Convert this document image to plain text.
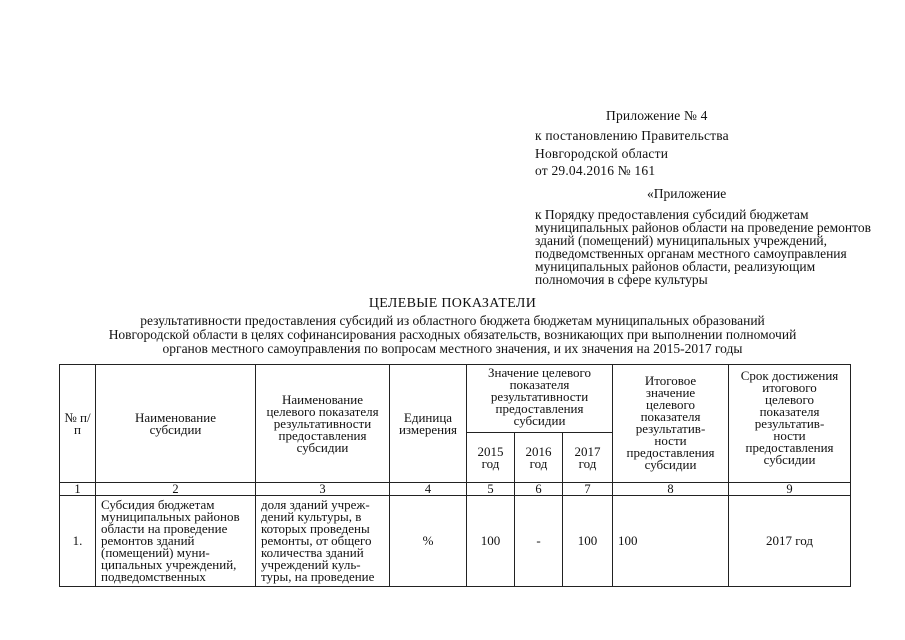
Приложение № 4
к постановлению Правительства
Новгородской области
от 29.04.2016 № 161
«Приложение
к Порядку предоставления субсидий бюджетам муниципальных районов области на проведение ремонтов зданий (помещений) муниципальных учреждений, подведомственных органам местного самоуправления муниципальных районов области, реализующим полномочия в сфере культуры
ЦЕЛЕВЫЕ ПОКАЗАТЕЛИ
результативности предоставления субсидий из областного бюджета бюджетам муниципальных образований
Новгородской области в целях софинансирования расходных обязательств, возникающих при выполнении полномочий
органов местного самоуправления по вопросам местного значения, и их значения на 2015-2017 годы
№ п/п	Наименование субсидии	Наименование целевого показателя результативности предоставления субсидии	Единица измерения	Значение целевого показателя результативности предоставления субсидии			Итоговое значение целевого показателя результатив-ности предоставления субсидии	Срок достижения итогового целевого показателя результатив-ности предоставления субсидии
				2015 год	2016 год	2017 год		
1	2	3	4	5	6	7	8	9
1.	Субсидия бюджетам муниципальных районов области на проведение ремонтов зданий (помещений) муни-ципальных учреждений, подведомственных	доля зданий учреж-дений культуры, в которых проведены ремонты, от общего количества зданий учреждений куль-туры, на проведение	%	100	-	100	100	2017 год
